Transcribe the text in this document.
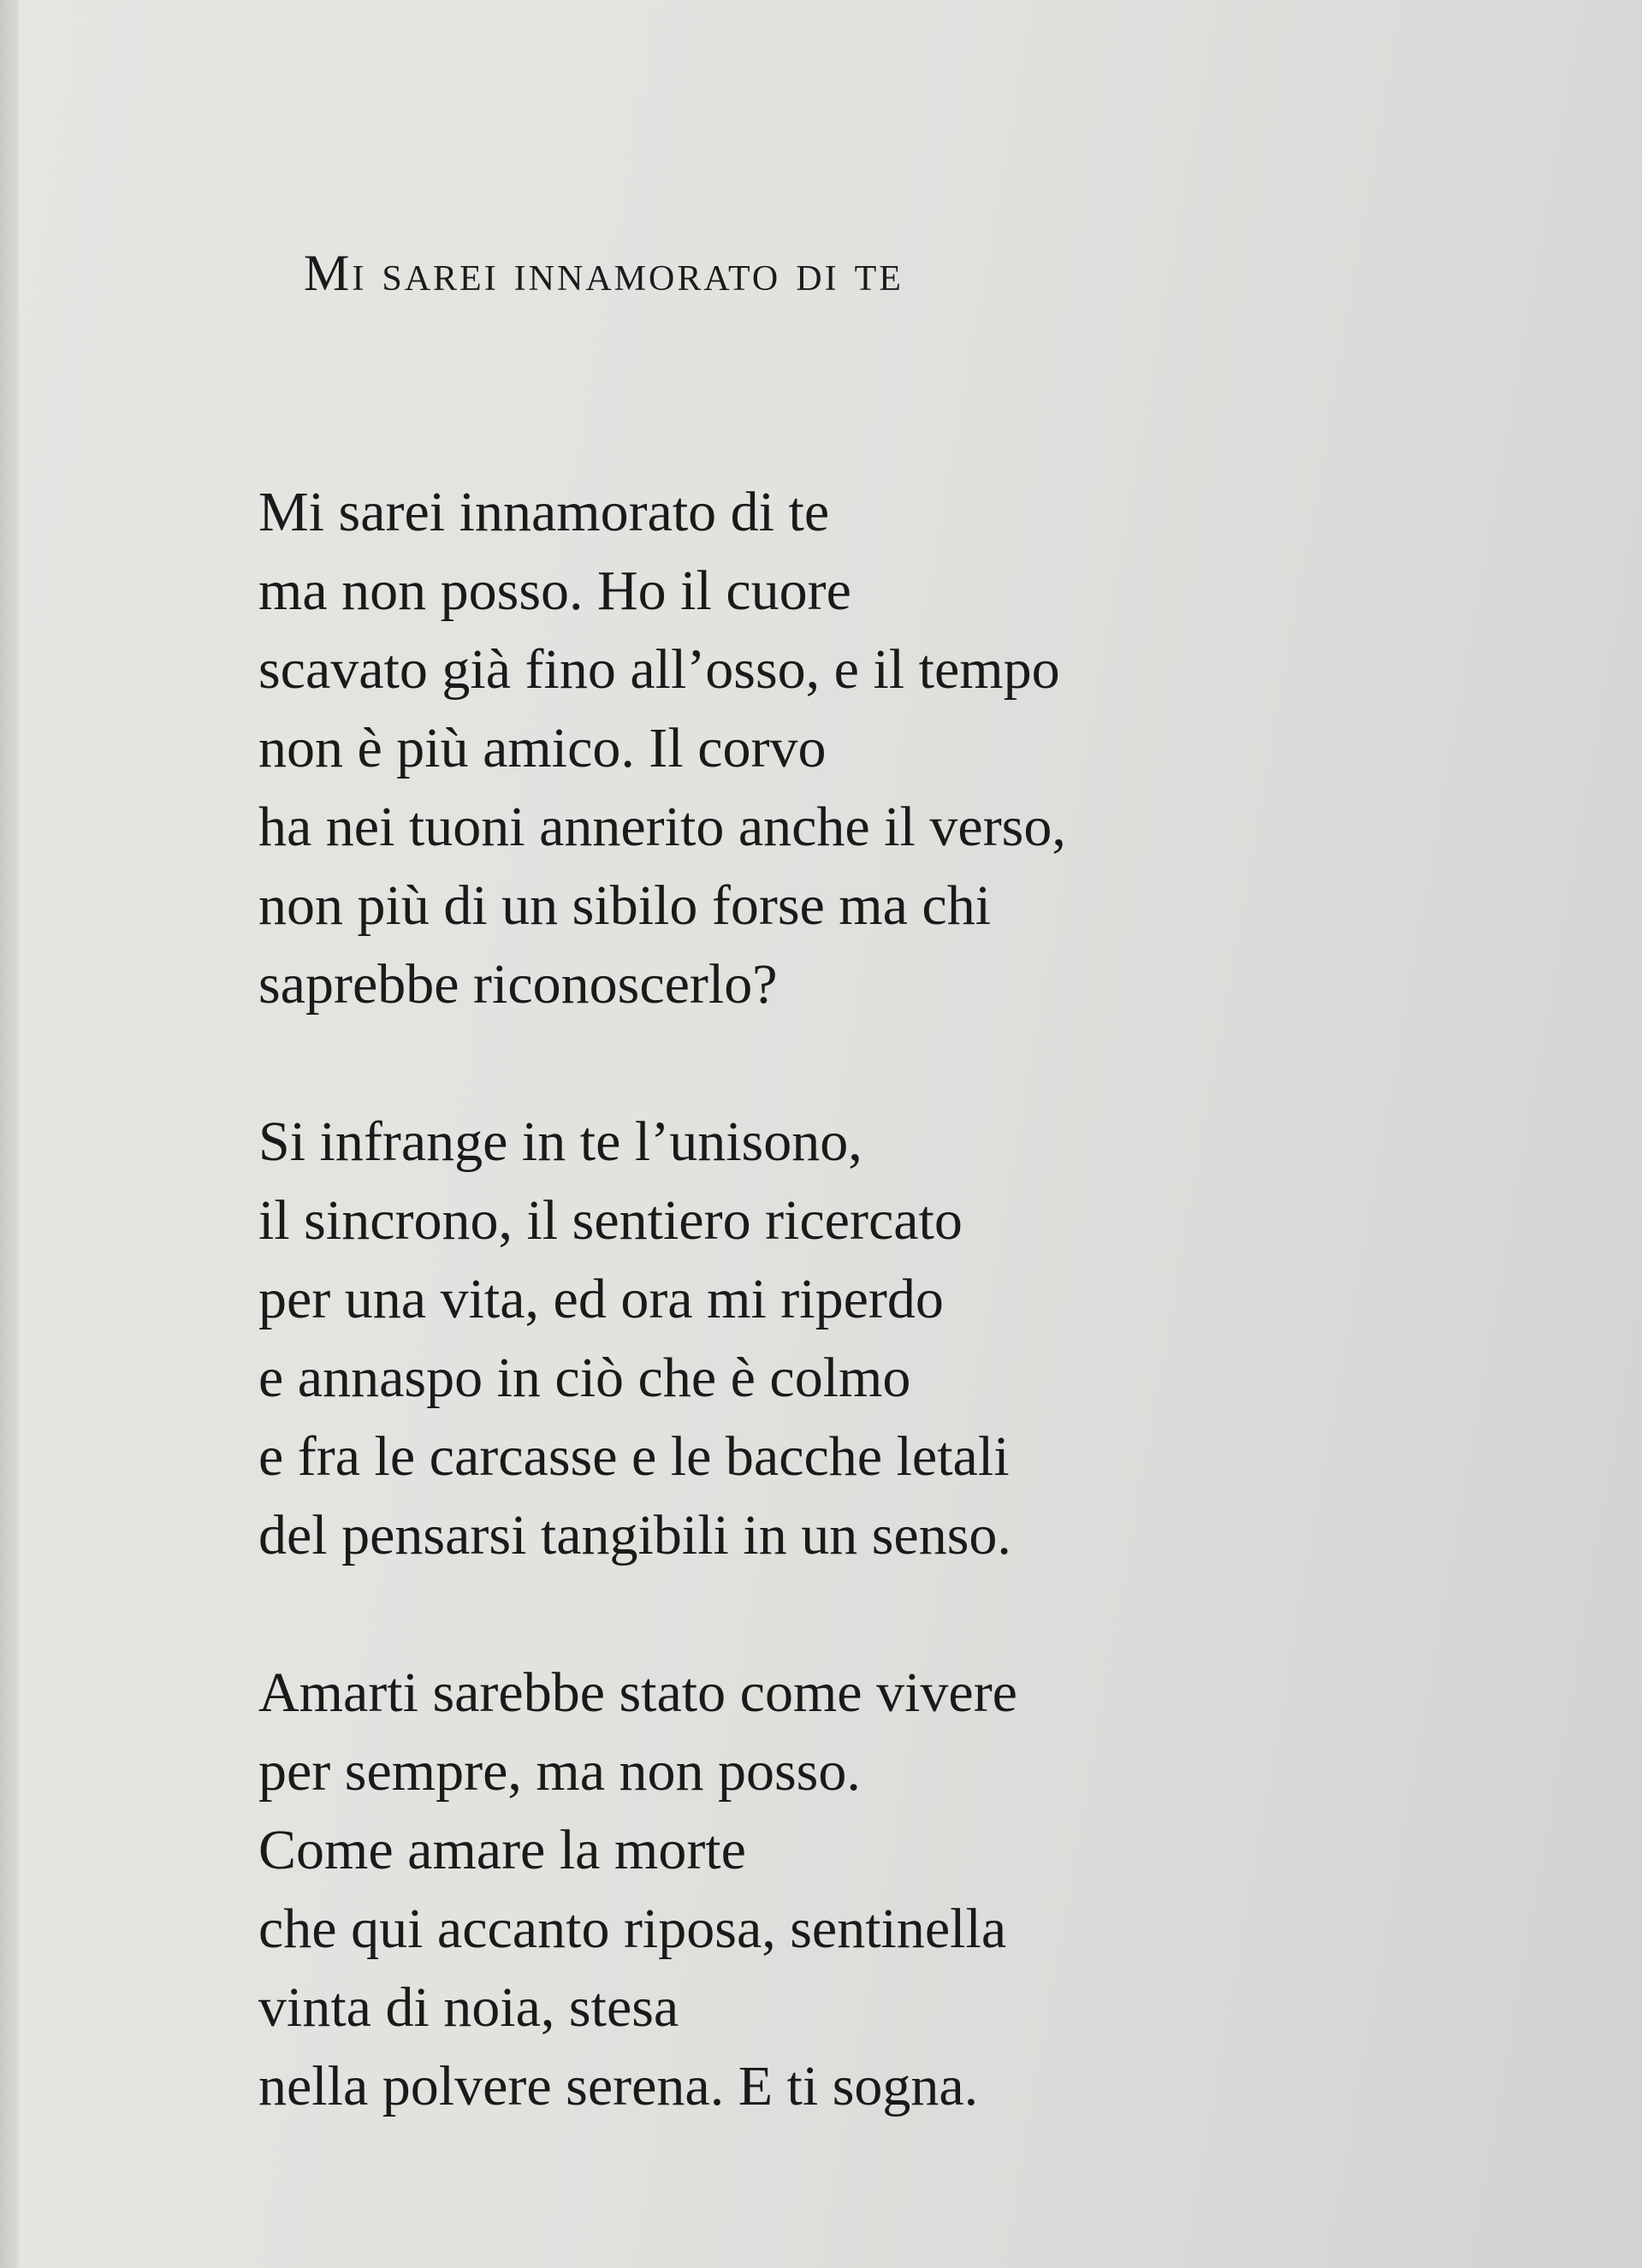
Mi sarei innamorato di te
Mi sarei innamorato di te
ma non posso. Ho il cuore
scavato già fino all’osso, e il tempo
non è più amico. Il corvo
ha nei tuoni annerito anche il verso,
non più di un sibilo forse ma chi
saprebbe riconoscerlo?
Si infrange in te l’unisono,
il sincrono, il sentiero ricercato
per una vita, ed ora mi riperdo
e annaspo in ciò che è colmo
e fra le carcasse e le bacche letali
del pensarsi tangibili in un senso.
Amarti sarebbe stato come vivere
per sempre, ma non posso.
Come amare la morte
che qui accanto riposa, sentinella
vinta di noia, stesa
nella polvere serena. E ti sogna.
